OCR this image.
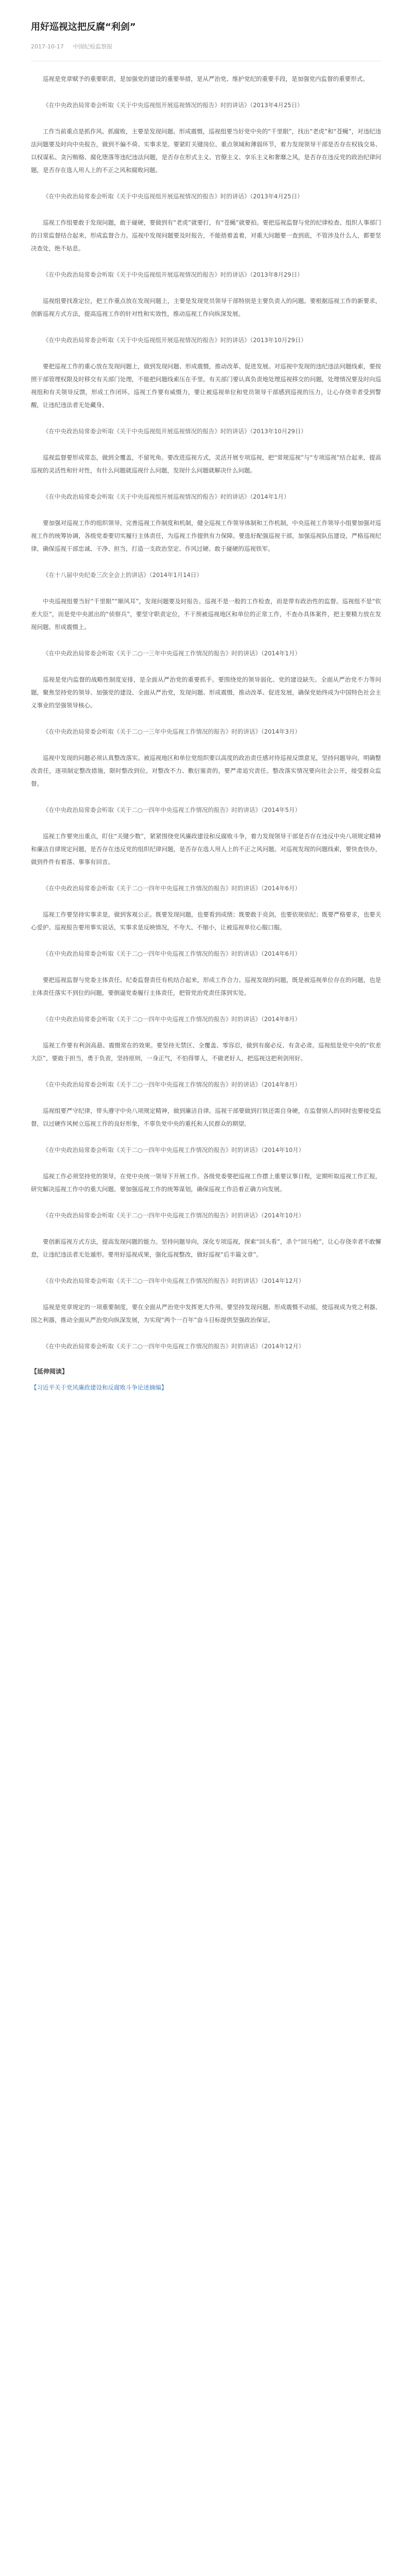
用好巡视这把反腐“利剑”
2017-10-17 中国纪检监察报

巡视是党章赋予的重要职责，是加强党的建设的重要举措，是从严治党、维护党纪的重要手段，是加强党内监督的重要形式。

《在中央政治局常委会听取《关于中央巡视组开展巡视情况的报告》时的讲话》（2013年4月25日）

工作当前重点是抓作风、抓腐败，主要是发现问题、形成震慑，巡视组要当好党中央的“千里眼”，找出“老虎”和“苍蝇”，对违纪违法问题要及时向中央报告，做到不偏不倚、实事求是。要紧盯关键岗位、重点领域和薄弱环节，着力发现领导干部是否存在权钱交易、以权谋私、贪污贿赂、腐化堕落等违纪违法问题，是否存在形式主义、官僚主义、享乐主义和奢靡之风，是否存在违反党的政治纪律问题，是否存在选人用人上的不正之风和腐败问题。

《在中央政治局常委会听取《关于中央巡视组开展巡视情况的报告》时的讲话》（2013年4月25日）

巡视工作组要敢于发现问题，敢于碰硬，要做到有“老虎”就要打，有“苍蝇”就要拍。要把巡视监督与党的纪律检查、组织人事部门的日常监督结合起来，形成监督合力。巡视中发现问题要及时报告，不能捂着盖着，对重大问题要一查到底，不管涉及什么人，都要坚决查处，绝不姑息。

《在中央政治局常委会听取《关于中央巡视组开展巡视情况的报告》时的讲话》（2013年8月29日）

巡视组要找准定位，把工作重点放在发现问题上，主要是发现党员领导干部特别是主要负责人的问题。要根据巡视工作的新要求，创新巡视方式方法，提高巡视工作的针对性和实效性，推动巡视工作向纵深发展。

《在中央政治局常委会听取《关于中央巡视组开展巡视情况的报告》时的讲话》（2013年10月29日）

要把巡视工作的重心放在发现问题上，做到发现问题、形成震慑，推动改革、促进发展。对巡视中发现的违纪违法问题线索，要按照干部管理权限及时移交有关部门处理，不能把问题线索压在手里。有关部门要认真负责地处理巡视移交的问题，处理情况要及时向巡视组和有关领导反馈，形成工作闭环。巡视工作要有威慑力，要让被巡视单位和党员领导干部感到巡视的压力，让心存侥幸者受到警醒，让违纪违法者无处藏身。

《在中央政治局常委会听取《关于中央巡视组开展巡视情况的报告》时的讲话》（2013年10月29日）

巡视监督要形成常态，做到全覆盖，不留死角。要改进巡视方式，灵活开展专项巡视，把“常规巡视”与“专项巡视”结合起来，提高巡视的灵活性和针对性，有什么问题就巡视什么问题，发现什么问题就解决什么问题。

《在中央政治局常委会听取《关于中央巡视组开展巡视情况的报告》时的讲话》（2014年1月）

要加强对巡视工作的组织领导，完善巡视工作制度和机制，健全巡视工作领导体制和工作机制，中央巡视工作领导小组要加强对巡视工作的统筹协调，各级党委要切实履行主体责任，为巡视工作提供有力保障。要选好配强巡视干部，加强巡视队伍建设，严格巡视纪律，确保巡视干部忠诚、干净、担当，打造一支政治坚定、作风过硬、敢于碰硬的巡视铁军。

《在十八届中央纪委三次全会上的讲话》（2014年1月14日）

中央巡视组要当好“千里眼”“顺风耳”，发现问题要及时报告。巡视不是一般的工作检查，而是带有政治性的监督。巡视组不是“钦差大臣”，而是党中央派出的“侦察兵”，要坚守职责定位，不干预被巡视地区和单位的正常工作，不查办具体案件，把主要精力放在发现问题、形成震慑上。

《在中央政治局常委会听取《关于二○一三年中央巡视工作情况的报告》时的讲话》（2014年1月）

巡视是党内监督的战略性制度安排，是全面从严治党的重要抓手。要围绕党的领导弱化、党的建设缺失、全面从严治党不力等问题，聚焦坚持党的领导、加强党的建设、全面从严治党，发现问题、形成震慑，推动改革、促进发展，确保党始终成为中国特色社会主义事业的坚强领导核心。

《在中央政治局常委会听取《关于二○一三年中央巡视工作情况的报告》时的讲话》（2014年3月）

巡视中发现的问题必须认真整改落实。被巡视地区和单位党组织要以高度的政治责任感对待巡视反馈意见，坚持问题导向，明确整改责任，逐项制定整改措施，限时整改到位。对整改不力、敷衍塞责的，要严肃追究责任。整改落实情况要向社会公开，接受群众监督。

《在中央政治局常委会听取《关于二○一四年中央巡视工作情况的报告》时的讲话》（2014年5月）

巡视工作要突出重点，盯住“关键少数”，紧紧围绕党风廉政建设和反腐败斗争，着力发现领导干部是否存在违反中央八项规定精神和廉洁自律规定问题，是否存在违反党的组织纪律问题，是否存在选人用人上的不正之风问题。对巡视发现的问题线索，要快查快办，做到件件有着落、事事有回音。

《在中央政治局常委会听取《关于二○一四年中央巡视工作情况的报告》时的讲话》（2014年6月）

巡视工作要坚持实事求是，做到客观公正。既要发现问题，也要看到成绩；既要敢于亮剑，也要依规依纪；既要严格要求，也要关心爱护。巡视报告要用事实说话，实事求是反映情况，不夸大、不缩小，让被巡视单位心服口服。

《在中央政治局常委会听取《关于二○一四年中央巡视工作情况的报告》时的讲话》（2014年6月）

要把巡视监督与党委主体责任、纪委监督责任有机结合起来，形成工作合力。巡视发现的问题，既是被巡视单位存在的问题，也是主体责任落实不到位的问题，要倒逼党委履行主体责任，把管党治党责任落到实处。

《在中央政治局常委会听取《关于二○一四年中央巡视工作情况的报告》时的讲话》（2014年8月）

巡视工作要有利剑高悬、震慑常在的效果。要坚持无禁区、全覆盖、零容忍，做到有腐必反、有贪必肃。巡视组是党中央的“钦差大臣”，要敢于担当，勇于负责，坚持原则，一身正气，不怕得罪人，不做老好人，把巡视这把利剑用好。

《在中央政治局常委会听取《关于二○一四年中央巡视工作情况的报告》时的讲话》（2014年8月）

巡视组要严守纪律，带头遵守中央八项规定精神，做到廉洁自律。巡视干部要做到打铁还需自身硬，在监督别人的同时也要接受监督，以过硬作风树立巡视工作的良好形象，不辜负党中央的重托和人民群众的期望。

《在中央政治局常委会听取《关于二○一四年中央巡视工作情况的报告》时的讲话》（2014年10月）

巡视工作必须坚持党的领导，在党中央统一领导下开展工作。各级党委要把巡视工作摆上重要议事日程，定期听取巡视工作汇报，研究解决巡视工作中的重大问题。要加强巡视工作的统筹谋划，确保巡视工作沿着正确方向发展。

《在中央政治局常委会听取《关于二○一四年中央巡视工作情况的报告》时的讲话》（2014年10月）

要创新巡视方式方法，提高发现问题的能力。坚持问题导向，深化专项巡视，探索“回头看”，杀个“回马枪”，让心存侥幸者不敢懈怠，让违纪违法者无处遁形。要用好巡视成果，强化巡视整改，做好巡视“后半篇文章”。

《在中央政治局常委会听取《关于二○一四年中央巡视工作情况的报告》时的讲话》（2014年12月）

巡视是党章规定的一项重要制度，要在全面从严治党中发挥更大作用。要坚持发现问题、形成震慑不动摇，使巡视成为党之利器、国之利器，推动全面从严治党向纵深发展，为实现“两个一百年”奋斗目标提供坚强政治保证。

《在中央政治局常委会听取《关于二○一四年中央巡视工作情况的报告》时的讲话》（2014年12月）

【延伸阅读】
【习近平关于党风廉政建设和反腐败斗争论述摘编】
